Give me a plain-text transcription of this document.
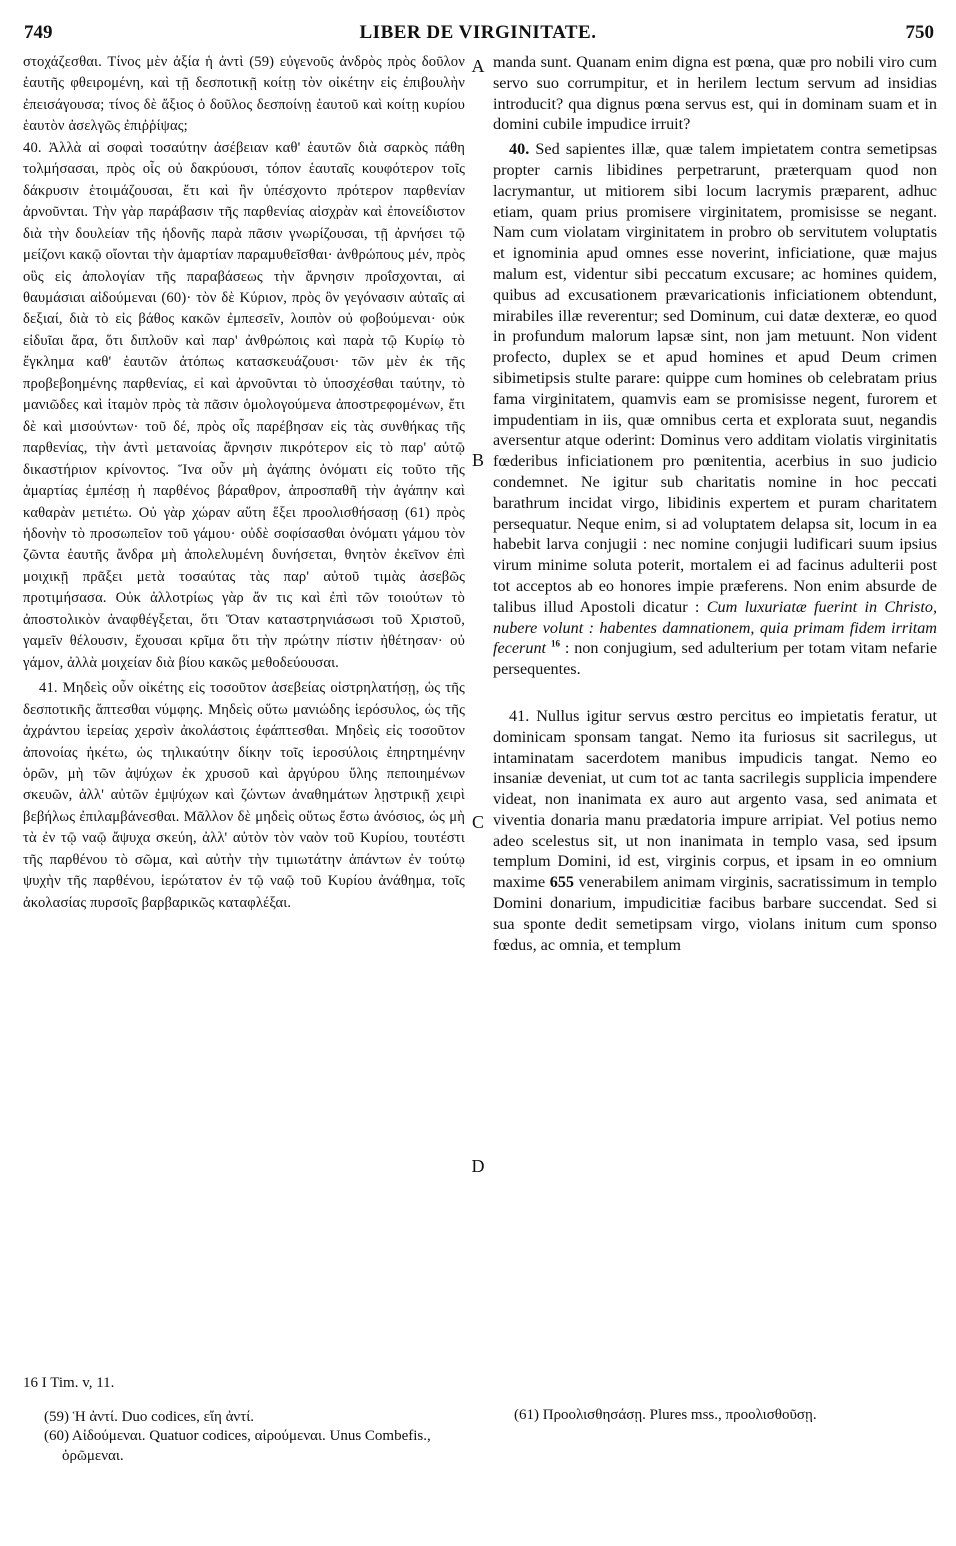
749	LIBER DE VIRGINITATE.	750

στοχάζεσθαι. Τίνος μὲν ἀξία ἡ ἀντὶ (59) εὐγενοῦς ἀνδρὸς πρὸς δοῦλον ἑαυτῆς φθειρομένη, καὶ τῇ δεσποτικῇ κοίτῃ τὸν οἰκέτην εἰς ἐπιβουλὴν ἐπεισάγουσα; τίνος δὲ ἄξιος ὁ δοῦλος δεσποίνῃ ἑαυτοῦ καὶ κοίτῃ κυρίου ἑαυτὸν ἀσελγῶς ἐπιῤῥίψας;

40. Ἀλλὰ αἱ σοφαὶ τοσαύτην ἀσέβειαν καθ' ἑαυτῶν διὰ σαρκὸς πάθη τολμήσασαι, πρὸς οἷς οὐ δακρύουσι, τόπον ἑαυταῖς κουφότερον τοῖς δάκρυσιν ἑτοιμάζουσαι, ἔτι καὶ ἣν ὑπέσχοντο πρότερον παρθενίαν ἀρνοῦνται. Τὴν γὰρ παράβασιν τῆς παρθενίας αἰσχρὰν καὶ ἐπονείδιστον διὰ τὴν δουλείαν τῆς ἡδονῆς παρὰ πᾶσιν γνωρίζουσαι, τῇ ἀρνήσει τῷ μείζονι κακῷ οἴονται τὴν ἁμαρτίαν παραμυθεῖσθαι· ἀνθρώπους μέν, πρὸς οὓς εἰς ἀπολογίαν τῆς παραβάσεως τὴν ἄρνησιν προΐσχονται, αἱ θαυμάσιαι αἰδούμεναι (60)· τὸν δὲ Κύριον, πρὸς ὃν γεγόνασιν αὐταῖς αἱ δεξιαί, διὰ τὸ εἰς βάθος κακῶν ἐμπεσεῖν, λοιπὸν οὐ φοβούμεναι· οὐκ εἰδυῖαι ἄρα, ὅτι διπλοῦν καὶ παρ' ἀνθρώποις καὶ παρὰ τῷ Κυρίῳ τὸ ἔγκλημα καθ' ἑαυτῶν ἀτόπως κατασκευάζουσι· τῶν μὲν ἐκ τῆς προβεβοημένης παρθενίας, εἰ καὶ ἀρνοῦνται τὸ ὑποσχέσθαι ταύτην, τὸ μανιῶδες καὶ ἰταμὸν πρὸς τὰ πᾶσιν ὁμολογούμενα ἀποστρεφομένων, ἔτι δὲ καὶ μισούντων· τοῦ δέ, πρὸς οἷς παρέβησαν εἰς τὰς συνθήκας τῆς παρθενίας, τὴν ἀντὶ μετανοίας ἄρνησιν πικρότερον εἰς τὸ παρ' αὐτῷ δικαστήριον κρίνοντος. Ἵνα οὖν μὴ ἀγάπης ὀνόματι εἰς τοῦτο τῆς ἁμαρτίας ἐμπέσῃ ἡ παρθένος βάραθρον, ἀπροσπαθῆ τὴν ἀγάπην καὶ καθαρὰν μετιέτω. Οὐ γὰρ χώραν αὕτη ἕξει προολισθήσασῃ (61) πρὸς ἡδονὴν τὸ προσωπεῖον τοῦ γάμου· οὐδὲ σοφίσασθαι ὀνόματι γάμου τὸν ζῶντα ἑαυτῆς ἄνδρα μὴ ἀπολελυμένη δυνήσεται, θνητὸν ἐκεῖνον ἐπὶ μοιχικῇ πρᾶξει μετὰ τοσαύτας τὰς παρ' αὐτοῦ τιμὰς ἀσεβῶς προτιμήσασα. Οὐκ ἀλλοτρίως γὰρ ἄν τις καὶ ἐπὶ τῶν τοιούτων τὸ ἀποστολικὸν ἀναφθέγξεται, ὅτι Ὅταν καταστρηνιάσωσι τοῦ Χριστοῦ, γαμεῖν θέλουσιν, ἔχουσαι κρῖμα ὅτι τὴν πρώτην πίστιν ἠθέτησαν· οὐ γάμον, ἀλλὰ μοιχείαν διὰ βίου κακῶς μεθοδεύουσαι.

41. Μηδεὶς οὖν οἰκέτης εἰς τοσοῦτον ἀσεβείας οἰστρηλατήσῃ, ὡς τῆς δεσποτικῆς ἅπτεσθαι νύμφης. Μηδεὶς οὕτω μανιώδης ἱερόσυλος, ὡς τῆς ἀχράντου ἱερείας χερσὶν ἀκολάστοις ἐφάπτεσθαι. Μηδεὶς εἰς τοσοῦτον ἀπονοίας ἡκέτω, ὡς τηλικαύτην δίκην τοῖς ἱεροσύλοις ἐπηρτημένην ὁρῶν, μὴ τῶν ἀψύχων ἐκ χρυσοῦ καὶ ἀργύρου ὕλης πεποιημένων σκευῶν, ἀλλ' αὐτῶν ἐμψύχων καὶ ζώντων ἀναθημάτων λῃστρικῇ χειρὶ βεβήλως ἐπιλαμβάνεσθαι. Μᾶλλον δὲ μηδεὶς οὕτως ἔστω ἀνόσιος, ὡς μὴ τὰ ἐν τῷ ναῷ ἄψυχα σκεύη, ἀλλ' αὐτὸν τὸν ναὸν τοῦ Κυρίου, τουτέστι τῆς παρθένου τὸ σῶμα, καὶ αὐτὴν τὴν τιμιωτάτην ἁπάντων ἐν τούτῳ ψυχὴν τῆς παρθένου, ἱερώτατον ἐν τῷ ναῷ τοῦ Κυρίου ἀνάθημα, τοῖς ἀκολασίας πυρσοῖς βαρβαρικῶς καταφλέξαι.

A
B
C
D

manda sunt. Quanam enim digna est pœna, quæ pro nobili viro cum servo suo corrumpitur, et in herilem lectum servum ad insidias introducit? qua dignus pœna servus est, qui in dominam suam et in domini cubile impudice irruit?

40. Sed sapientes illæ, quæ talem impietatem contra semetipsas propter carnis libidines perpetrarunt, præterquam quod non lacrymantur, ut mitiorem sibi locum lacrymis præparent, adhuc etiam, quam prius promisere virginitatem, promisisse se negant. Nam cum violatam virginitatem in probro ob servitutem voluptatis et ignominia apud omnes esse noverint, inficiatione, quæ majus malum est, videntur sibi peccatum excusare; ac homines quidem, quibus ad excusationem prævaricationis inficiationem obtendunt, mirabiles illæ reverentur; sed Dominum, cui datæ dexteræ, eo quod in profundum malorum lapsæ sint, non jam metuunt. Non vident profecto, duplex se et apud homines et apud Deum crimen sibimetipsis stulte parare: quippe cum homines ob celebratam prius fama virginitatem, quamvis eam se promisisse negent, furorem et impudentiam in iis, quæ omnibus certa et explorata suut, negandis aversentur atque oderint: Dominus vero additam violatis virginitatis fœderibus inficiationem pro pœnitentia, acerbius in suo judicio condemnet. Ne igitur sub charitatis nomine in hoc peccati barathrum incidat virgo, libidinis expertem et puram charitatem persequatur. Neque enim, si ad voluptatem delapsa sit, locum in ea habebit larva conjugii : nec nomine conjugii ludificari suum ipsius virum minime soluta poterit, mortalem ei ad facinus adulterii post tot acceptos ab eo honores impie præferens. Non enim absurde de talibus illud Apostoli dicatur : Cum luxuriatæ fuerint in Christo, nubere volunt : habentes damnationem, quia primam fidem irritam fecerunt $^{16}$ : non conjugium, sed adulterium per totam vitam nefarie persequentes.

41. Nullus igitur servus œstro percitus eo impietatis feratur, ut dominicam sponsam tangat. Nemo ita furiosus sit sacrilegus, ut intaminatam sacerdotem manibus impudicis tangat. Nemo eo insaniæ deveniat, ut cum tot ac tanta sacrilegis supplicia impendere videat, non inanimata ex auro aut argento vasa, sed animata et viventia donaria manu prædatoria impure arripiat. Vel potius nemo adeo scelestus sit, ut non inanimata in templo vasa, sed ipsum templum Domini, id est, virginis corpus, et ipsam in eo omnium maxime 655 venerabilem animam virginis, sacratissimum in templo Domini donarium, impudicitiæ facibus barbare succendat. Sed si sua sponte dedit semetipsam virgo, violans initum cum sponso fœdus, ac omnia, et templum

16 I Tim. v, 11.

(59) Ἡ ἀντί. Duo codices, εἴη ἀντί.

(60) Αἰδούμεναι. Quatuor codices, αἱρούμεναι. Unus Combefis., ὁρῶμεναι.

(61) Προολισθησάσῃ. Plures mss., προολισθοῦσῃ.
